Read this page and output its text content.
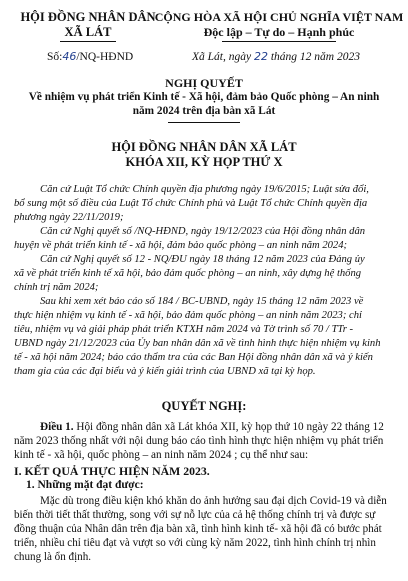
HỘI ĐỒNG NHÂN DÂN
XÃ LÁT
Số:46/NQ-HĐND
CỘNG HÒA XÃ HỘI CHỦ NGHĨA VIỆT NAM
Độc lập – Tự do – Hạnh phúc
Xã Lát, ngày 22 tháng 12 năm 2023
NGHỊ QUYẾT
Về nhiệm vụ phát triển Kinh tế - Xã hội, đảm bảo Quốc phòng – An ninh
năm 2024 trên địa bàn xã Lát
HỘI ĐỒNG NHÂN DÂN XÃ LÁT
KHÓA XII, KỲ HỌP THỨ X
Căn cứ Luật Tổ chức Chính quyền địa phương ngày 19/6/2015; Luật sửa đổi,
bổ sung một số điều của Luật Tổ chức Chính phủ và Luật Tổ chức Chính quyền địa
phương ngày 22/11/2019;
Căn cứ Nghị quyết số /NQ-HĐND, ngày 19/12/2023 của Hội đồng nhân dân
huyện về phát triển kinh tế - xã hội, đảm bảo quốc phòng – an ninh năm 2024;
Căn cứ Nghị quyết số 12 - NQ/ĐU ngày 18 tháng 12 năm 2023 của Đảng ủy
xã về phát triển kinh tế xã hội, bảo đảm quốc phòng – an ninh, xây dựng hệ thống
chính trị năm 2024;
Sau khi xem xét báo cáo số 184 / BC-UBND, ngày 15 tháng 12 năm 2023 về
thực hiện nhiệm vụ kinh tế - xã hội, bảo đảm quốc phòng – an ninh năm 2023; chỉ
tiêu, nhiệm vụ và giải pháp phát triển KTXH năm 2024 và Tờ trình số 70 / TTr -
UBND ngày 21/12/2023 của Ủy ban nhân dân xã về tình hình thực hiện nhiệm vụ kinh
tế - xã hội năm 2024; báo cáo thẩm tra của các Ban Hội đồng nhân dân xã và ý kiến
tham gia của các đại biểu và ý kiến giải trình của UBND xã tại kỳ họp.
QUYẾT NGHỊ:
Điều 1. Hội đồng nhân dân xã Lát khóa XII, kỳ họp thứ 10 ngày 22 tháng 12
năm 2023 thống nhất với nội dung báo cáo tình hình thực hiện nhiệm vụ phát triển
kinh tế - xã hội, quốc phòng – an ninh năm 2024 ; cụ thể như sau:
I. KẾT QUẢ THỰC HIỆN NĂM 2023.
1. Những mặt đạt được:
Mặc dù trong điều kiện khó khăn do ảnh hưởng sau đại dịch Covid-19 và diễn
biến thời tiết thất thường, song với sự nỗ lực của cả hệ thống chính trị và được sự
đồng thuận của Nhân dân trên địa bàn xã, tình hình kinh tế- xã hội đã có bước phát
triển, nhiều chỉ tiêu đạt và vượt so với cùng kỳ năm 2022, tình hình chính trị nhìn
chung là ổn định.
